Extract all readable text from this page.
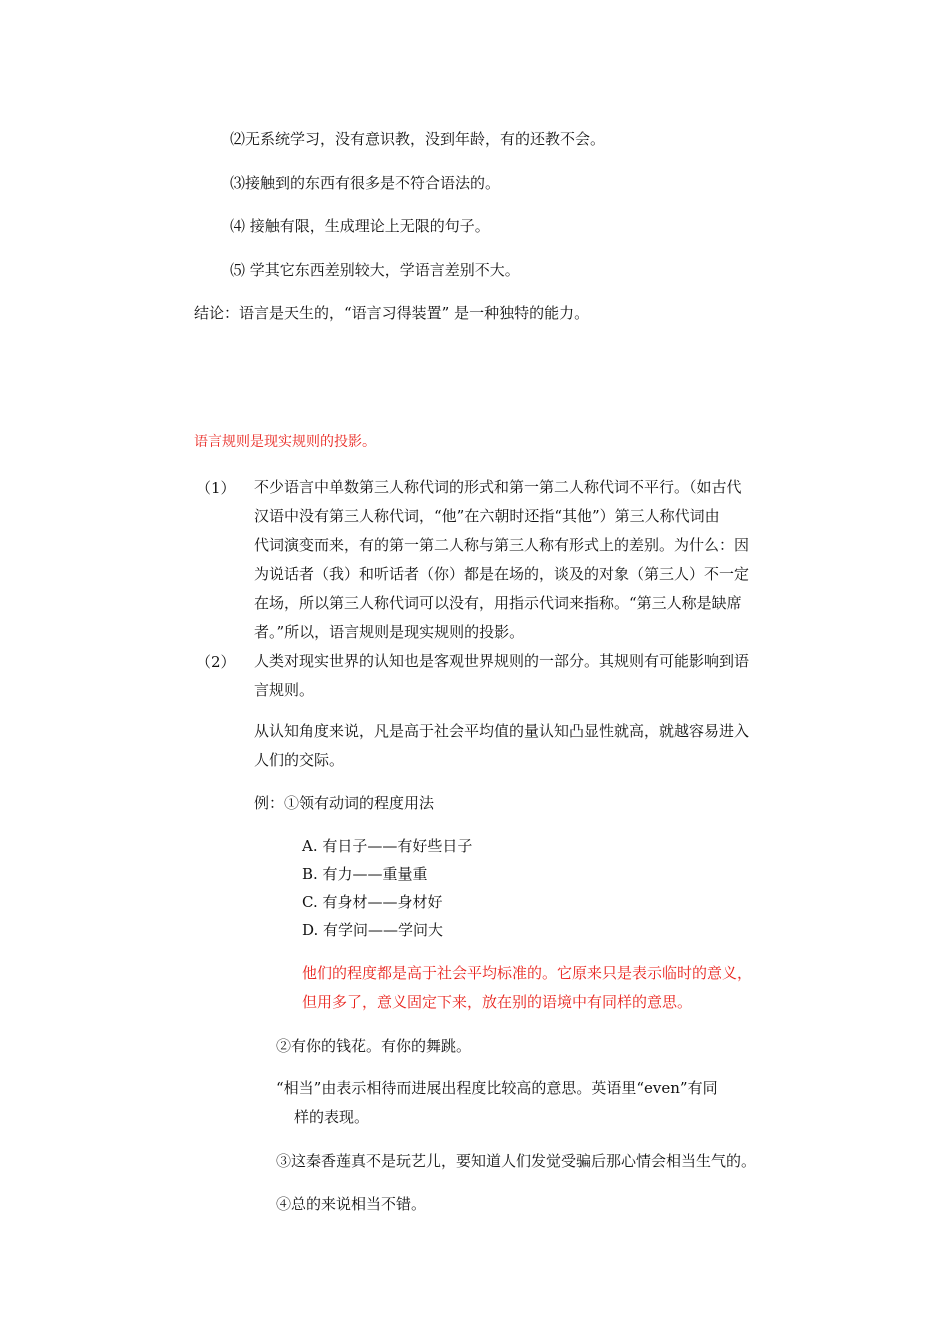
⑵无系统学习，没有意识教，没到年龄，有的还教不会。
⑶接触到的东西有很多是不符合语法的。
⑷ 接触有限，生成理论上无限的句子。
⑸ 学其它东西差别较大，学语言差别不大。
结论：语言是天生的，“语言习得装置” 是一种独特的能力。
语言规则是现实规则的投影。
（1） 不少语言中单数第三人称代词的形式和第一第二人称代词不平行。（如古代
汉语中没有第三人称代词，“他”在六朝时还指“其他”）第三人称代词由
代词演变而来，有的第一第二人称与第三人称有形式上的差别。为什么：因
为说话者（我）和听话者（你）都是在场的，谈及的对象（第三人）不一定
在场，所以第三人称代词可以没有，用指示代词来指称。“第三人称是缺席
者。”所以，语言规则是现实规则的投影。
（2） 人类对现实世界的认知也是客观世界规则的一部分。其规则有可能影响到语
言规则。
从认知角度来说，凡是高于社会平均值的量认知凸显性就高，就越容易进入
人们的交际。
例：①领有动词的程度用法
A. 有日子——有好些日子
B. 有力——重量重
C. 有身材——身材好
D. 有学问——学问大
他们的程度都是高于社会平均标准的。它原来只是表示临时的意义，
但用多了，意义固定下来，放在别的语境中有同样的意思。
②有你的钱花。有你的舞跳。
“相当”由表示相待而进展出程度比较高的意思。英语里“even”有同
样的表现。
③这秦香莲真不是玩艺儿，要知道人们发觉受骗后那心情会相当生气的。
④总的来说相当不错。
